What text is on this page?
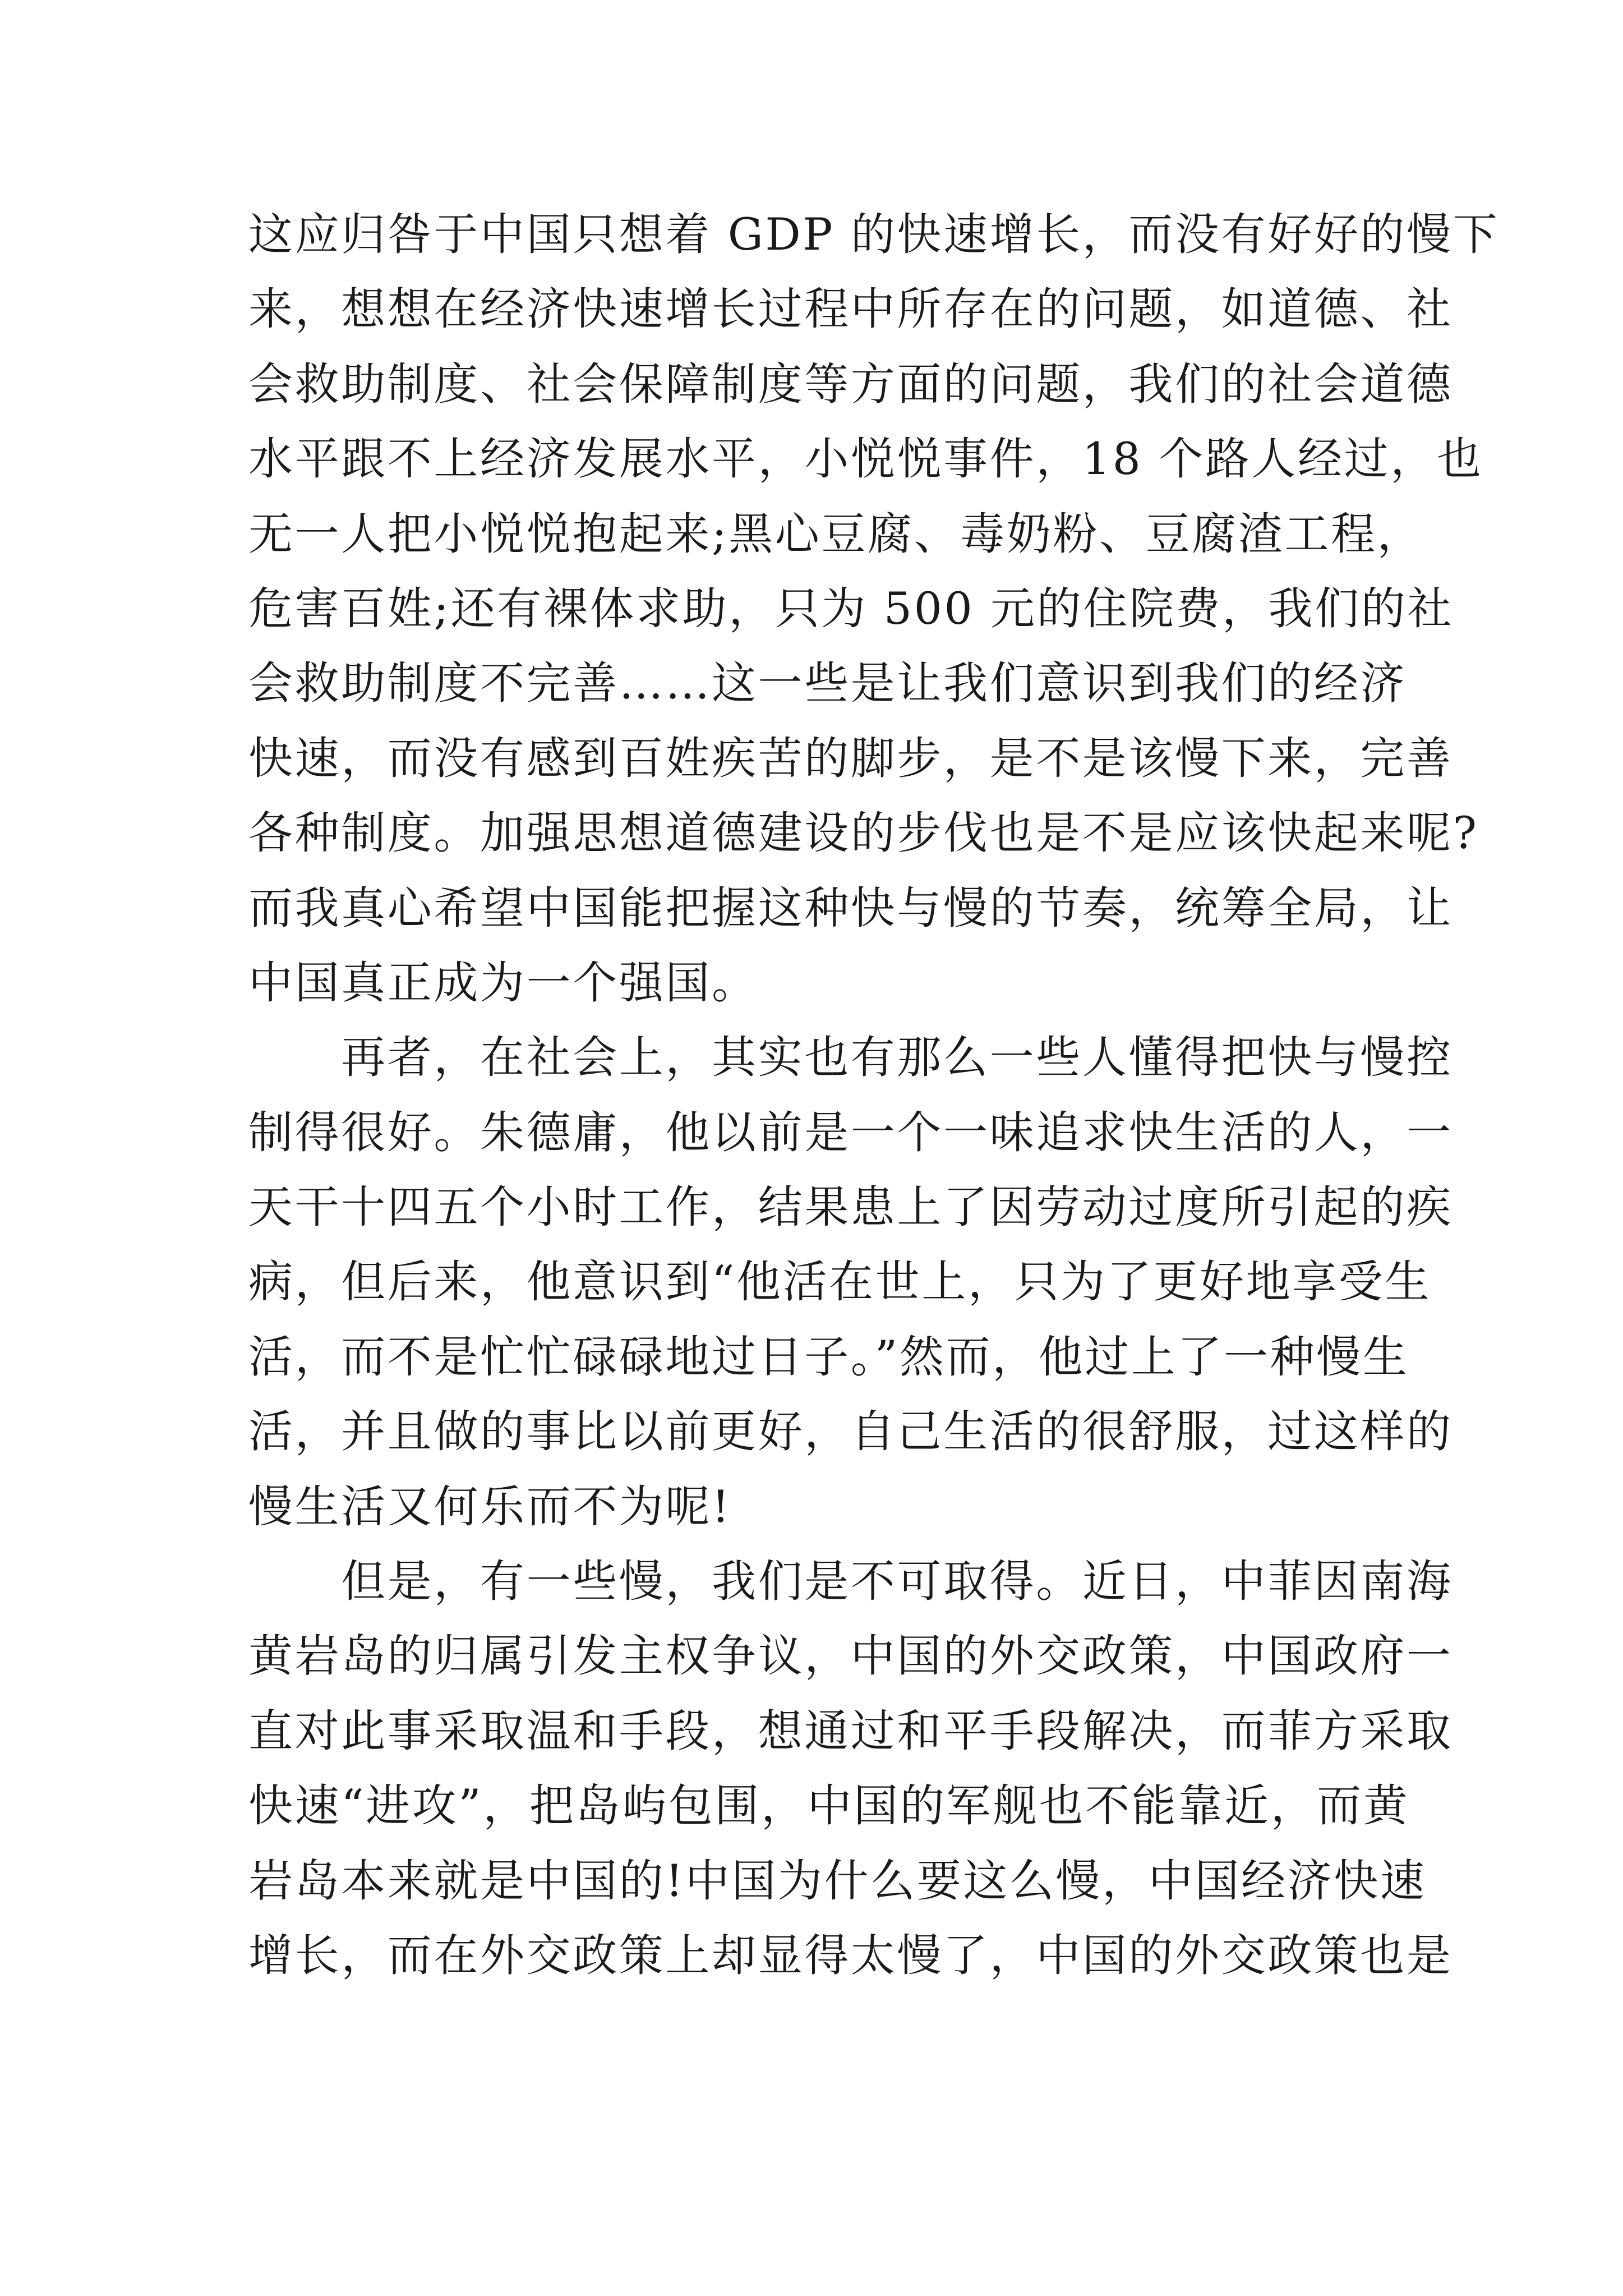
这应归咎于中国只想着 GDP 的快速增长，而没有好好的慢下
来，想想在经济快速增长过程中所存在的问题，如道德、社
会救助制度、社会保障制度等方面的问题，我们的社会道德
水平跟不上经济发展水平，小悦悦事件，18 个路人经过，也
无一人把小悦悦抱起来;黑心豆腐、毒奶粉、豆腐渣工程，
危害百姓;还有裸体求助，只为 500 元的住院费，我们的社
会救助制度不完善……这一些是让我们意识到我们的经济
快速，而没有感到百姓疾苦的脚步，是不是该慢下来，完善
各种制度。加强思想道德建设的步伐也是不是应该快起来呢?
而我真心希望中国能把握这种快与慢的节奏，统筹全局，让
中国真正成为一个强国。
　　再者，在社会上，其实也有那么一些人懂得把快与慢控
制得很好。朱德庸，他以前是一个一味追求快生活的人，一
天干十四五个小时工作，结果患上了因劳动过度所引起的疾
病，但后来，他意识到“他活在世上，只为了更好地享受生
活，而不是忙忙碌碌地过日子。”然而，他过上了一种慢生
活，并且做的事比以前更好，自己生活的很舒服，过这样的
慢生活又何乐而不为呢!
　　但是，有一些慢，我们是不可取得。近日，中菲因南海
黄岩岛的归属引发主权争议，中国的外交政策，中国政府一
直对此事采取温和手段，想通过和平手段解决，而菲方采取
快速“进攻”，把岛屿包围，中国的军舰也不能靠近，而黄
岩岛本来就是中国的!中国为什么要这么慢，中国经济快速
增长，而在外交政策上却显得太慢了，中国的外交政策也是
